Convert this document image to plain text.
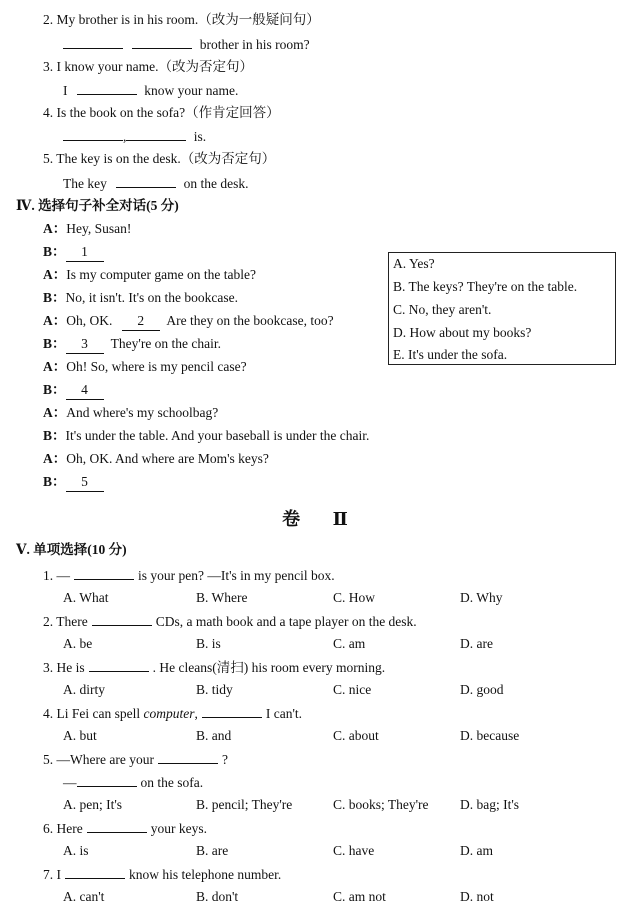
2. My brother is in his room.（改为一般疑问句）
brother in his room?
3. I know your name.（改为否定句）
I	know your name.
4. Is the book on the sofa?（作肯定回答）
,	is.
5. The key is on the desk.（改为否定句）
The key	on the desk.
Ⅳ. 选择句子补全对话(5 分)
A：Hey, Susan!
B： 1
A：Is my computer game on the table?
B：No, it isn't. It's on the bookcase.
A：Oh, OK. 2 Are they on the bookcase, too?
B： 3 They're on the chair.
A：Oh! So, where is my pencil case?
B： 4
A：And where's my schoolbag?
B：It's under the table. And your baseball is under the chair.
A：Oh, OK. And where are Mom's keys?
B： 5
A. Yes?
B. The keys? They're on the table.
C. No, they aren't.
D. How about my books?
E. It's under the sofa.
卷 Ⅱ
Ⅴ. 单项选择(10 分)
1. —	is your pen? —It's in my pencil box.
A. What	B. Where	C. How	D. Why
2. There	CDs, a math book and a tape player on the desk.
A. be	B. is	C. am	D. are
3. He is	. He cleans(清扫) his room every morning.
A. dirty	B. tidy	C. nice	D. good
4. Li Fei can spell computer,	I can't.
A. but	B. and	C. about	D. because
5. —Where are your	?
—	on the sofa.
A. pen; It's	B. pencil; They're	C. books; They're D. bag; It's
6. Here	your keys.
A. is	B. are	C. have	D. am
7. I	know his telephone number.
A. can't	B. don't	C. am not	D. not
